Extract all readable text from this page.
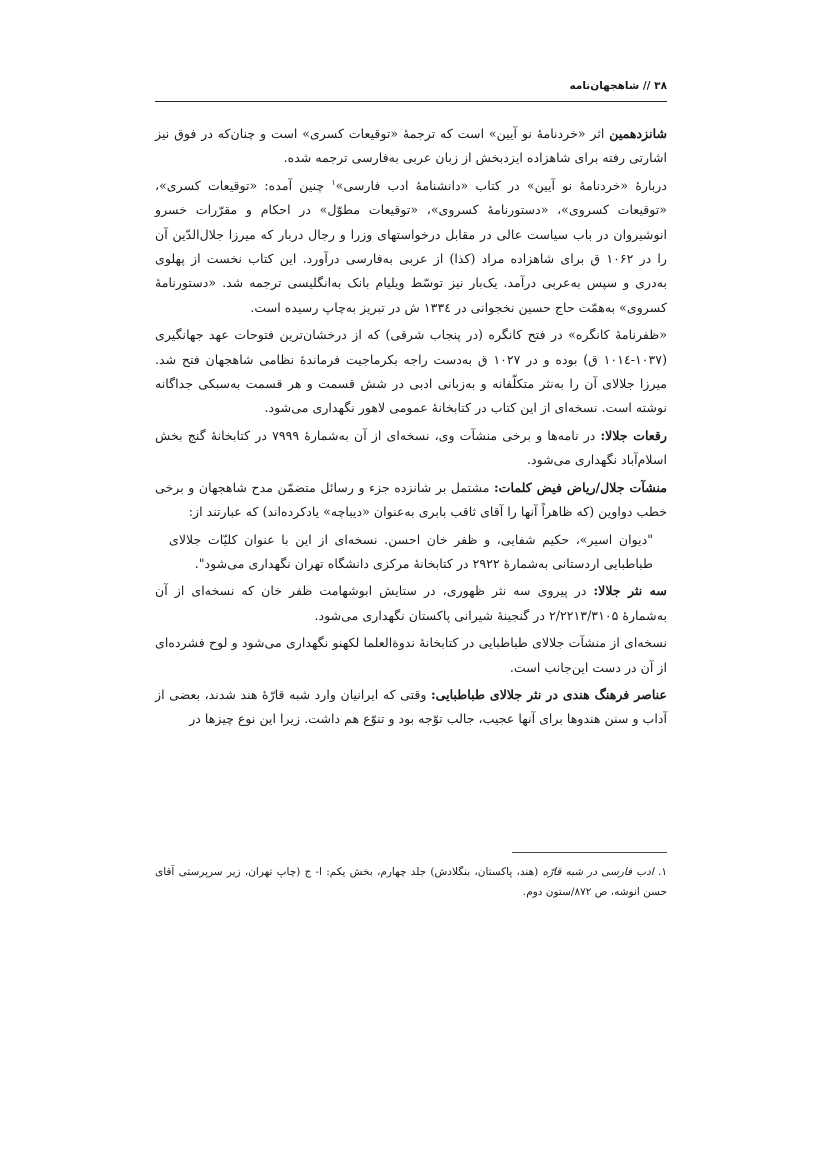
۳۸ // شاهجهان‌نامه

شانزدهمین اثر «خردنامهٔ نو آیین» است که ترجمهٔ «توقیعات کسری» است و چنان‌که در فوق نیز اشارتی رفته برای شاهزاده ایزدبخش از زبان عربی به‌فارسی ترجمه شده.

دربارهٔ «خردنامهٔ نو آیین» در کتاب «دانشنامهٔ ادب فارسی»$^۱$ چنین آمده: «توقیعات کسری»، «توقیعات کسروی»، «دستورنامهٔ کسروی»، «توقیعات مطوّل» در احکام و مقرّرات خسرو انوشیروان در باب سیاست عالی در مقابل درخواستهای وزرا و رجال دربار که میرزا جلال‌الدّین آن را در ۱۰۶۲ ق برای شاهزاده مراد (کذا) از عربی به‌فارسی درآورد. این کتاب نخست از پهلوی به‌دری و سپس به‌عربی درآمد. یک‌بار نیز توسّط ویلیام بانک به‌انگلیسی ترجمه شد. «دستورنامهٔ کسروی» به‌همّت حاج حسین نخجوانی در ۱۳۳٤ ش در تبریز به‌چاپ رسیده است.

«ظفرنامهٔ کانگره» در فتح کانگره (در پنجاب شرقی) که از درخشان‌ترین فتوحات عهد جهانگیری (۱۰۳۷-۱۰۱٤ ق) بوده و در ۱۰۲۷ ق به‌دست راجه بکرماجیت فرماندهٔ نظامی شاهجهان فتح شد. میرزا جلالای آن را به‌نثر متکلّفانه و به‌زبانی ادبی در شش قسمت و هر قسمت به‌سبکی جداگانه نوشته است. نسخه‌ای از این کتاب در کتابخانهٔ عمومی لاهور نگهداری می‌شود.

رقعات جلالا: در نامه‌ها و برخی منشآت وی، نسخه‌ای از آن به‌شمارهٔ ۷۹۹۹ در کتابخانهٔ گنج بخش اسلام‌آباد نگهداری می‌شود.

منشآت جلال/ریاض فیض کلمات: مشتمل بر شانزده جزء و رسائل متضمّن مدح شاهجهان و برخی خطب دواوین (که ظاهراً آنها را آقای ثاقب بابری به‌عنوان «دیباچه» یادکرده‌اند) که عبارتند از:

"دیوان اسیر»، حکیم شفایی، و ظفر خان احسن. نسخه‌ای از این با عنوان کلیّات جلالای طباطبایی اردستانی به‌شمارهٔ ۲۹۲۲ در کتابخانهٔ مرکزی دانشگاه تهران نگهداری می‌شود".

سه نثر جلالا: در پیروی سه نثر ظهوری، در ستایش ابوشهامت ظفر خان که نسخه‌ای از آن به‌شمارهٔ ۲/۲۲۱۳/۳۱۰۵ در گنجینهٔ شیرانی پاکستان نگهداری می‌شود.

نسخه‌ای از منشآت جلالای طباطبایی در کتابخانهٔ ندوةالعلما لکهنو نگهداری می‌شود و لوح فشرده‌ای از آن در دست این‌جانب است.

عناصر فرهنگ هندی در نثر جلالای طباطبایی: وقتی که ایرانیان وارد شبه قارّهٔ هند شدند، بعضی از آداب و سنن هندوها برای آنها عجیب، جالب توّجه بود و تنوّع هم داشت. زیرا این نوع چیزها در

۱. ادب فارسی در شبه قارّه (هند، پاکستان، بنگلادش) جلد چهارم، بخش یکم: ا- ج (چاپ تهران، زیر سرپرستی آقای حسن انوشه، ص ۸۷۲/ستون دوم.
